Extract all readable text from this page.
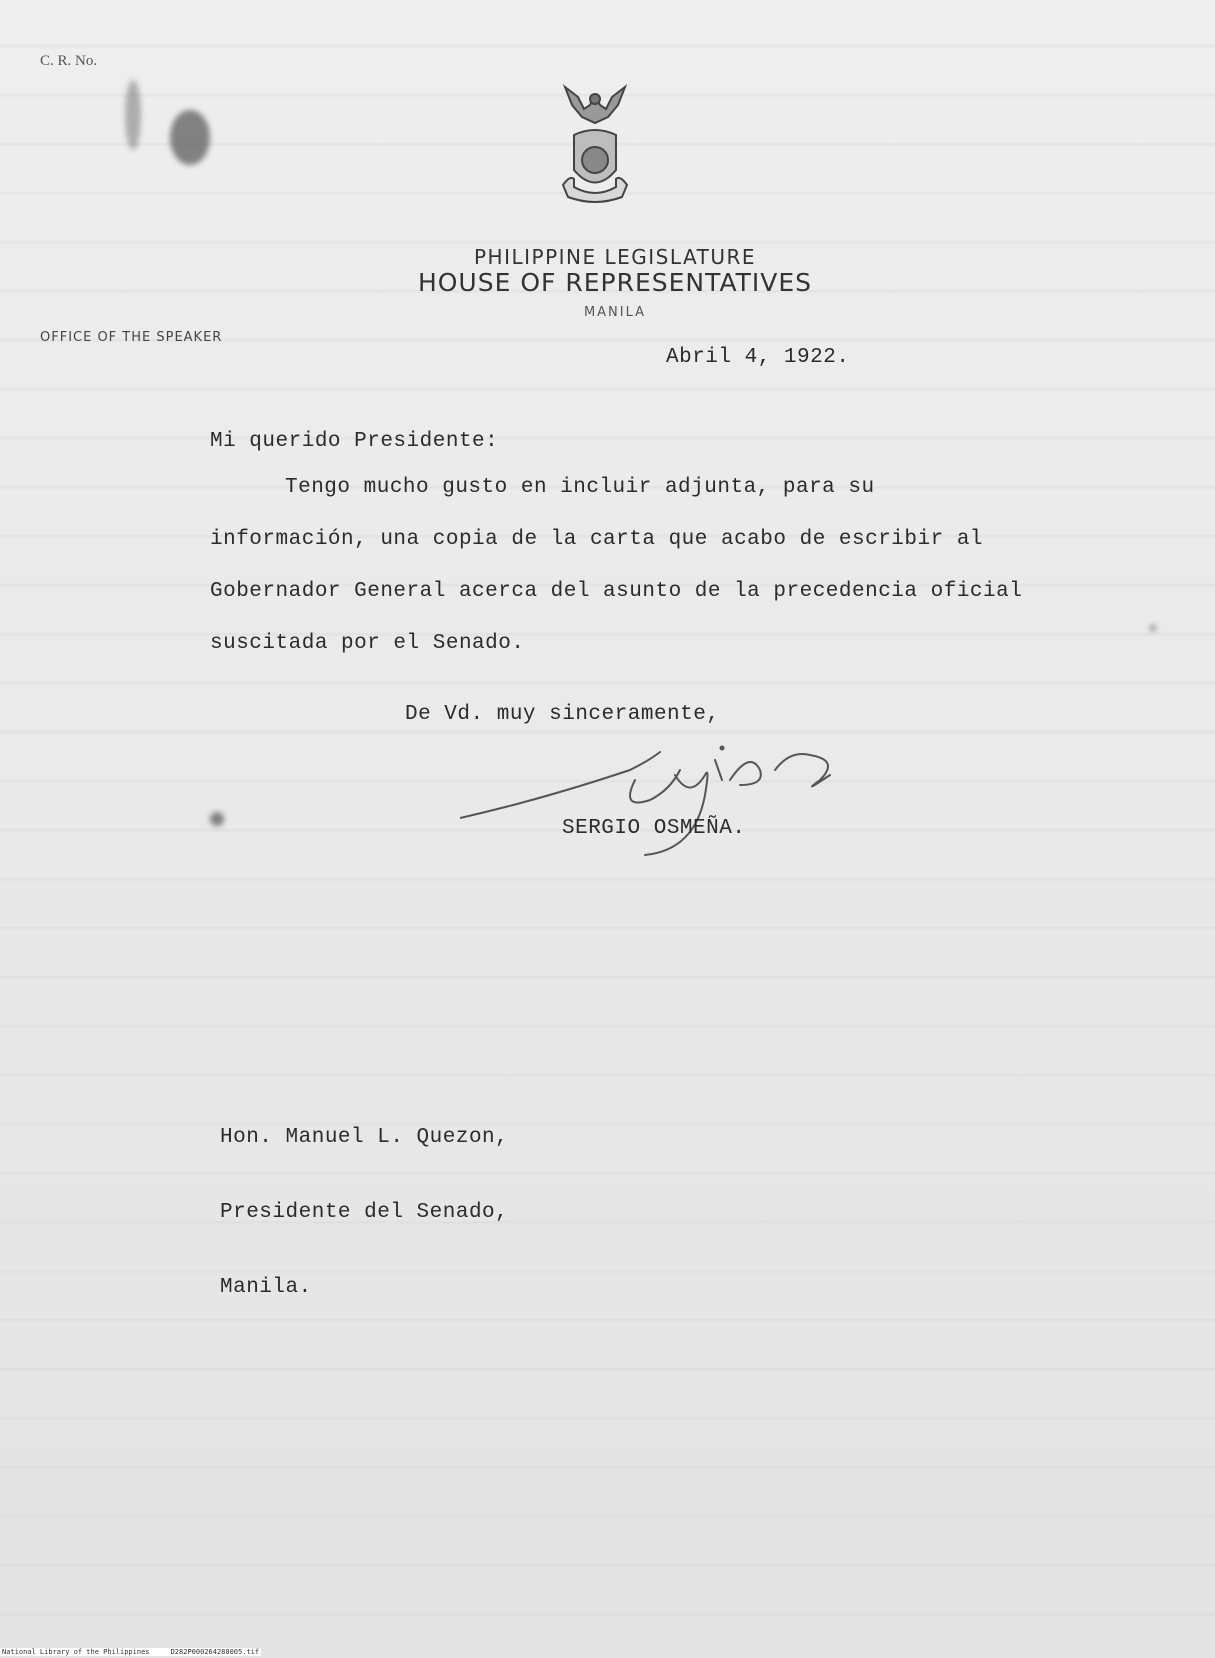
C. R. No.
PHILIPPINE LEGISLATURE
HOUSE OF REPRESENTATIVES
MANILA
OFFICE OF THE SPEAKER
Abril 4, 1922.
Mi querido Presidente:

Tengo mucho gusto en incluir adjunta, para su información, una copia de la carta que acabo de escribir al Gobernador General acerca del asunto de la precedencia oficial suscitada por el Senado.

De Vd. muy sinceramente,
SERGIO OSMEÑA.

Hon. Manuel L. Quezon,

Presidente del Senado,

Manila.

National Library of the Philippines	D282P000264288005.tif
